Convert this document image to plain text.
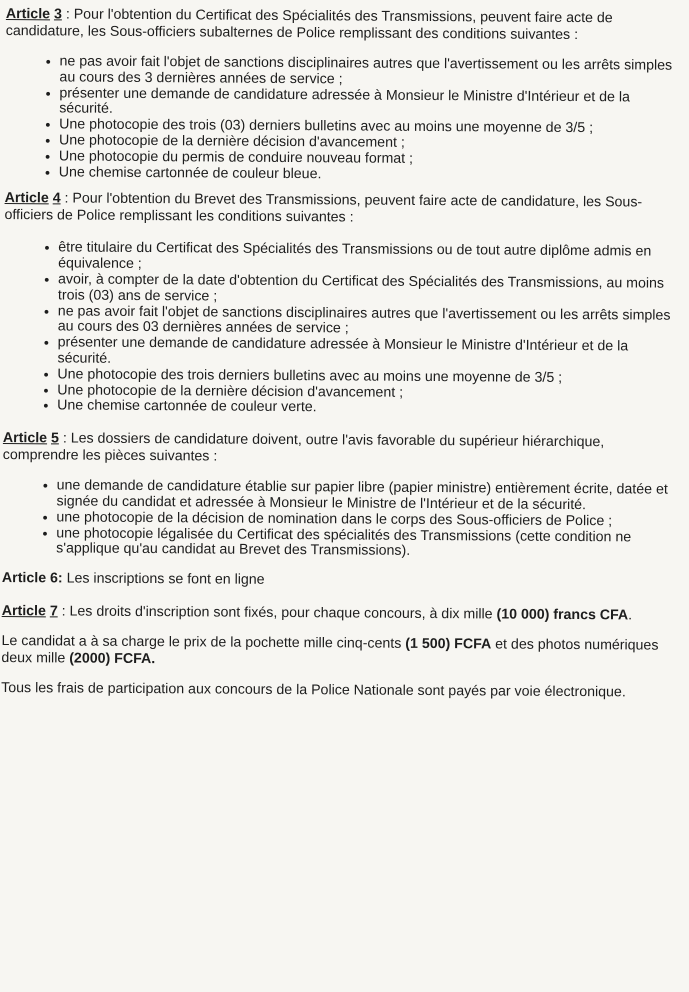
Article 3 : Pour l'obtention du Certificat des Spécialités des Transmissions, peuvent faire acte de candidature, les Sous-officiers subalternes de Police remplissant des conditions suivantes :

● ne pas avoir fait l'objet de sanctions disciplinaires autres que l'avertissement ou les arrêts simples au cours des 3 dernières années de service ;
● présenter une demande de candidature adressée à Monsieur le Ministre d'Intérieur et de la sécurité.
● Une photocopie des trois (03) derniers bulletins avec au moins une moyenne de 3/5 ;
● Une photocopie de la dernière décision d'avancement ;
● Une photocopie du permis de conduire nouveau format ;
● Une chemise cartonnée de couleur bleue.

Article 4 : Pour l'obtention du Brevet des Transmissions, peuvent faire acte de candidature, les Sous-officiers de Police remplissant les conditions suivantes :

● être titulaire du Certificat des Spécialités des Transmissions ou de tout autre diplôme admis en équivalence ;
● avoir, à compter de la date d'obtention du Certificat des Spécialités des Transmissions, au moins trois (03) ans de service ;
● ne pas avoir fait l'objet de sanctions disciplinaires autres que l'avertissement ou les arrêts simples au cours des 03 dernières années de service ;
● présenter une demande de candidature adressée à Monsieur le Ministre d'Intérieur et de la sécurité.
● Une photocopie des trois derniers bulletins avec au moins une moyenne de 3/5 ;
● Une photocopie de la dernière décision d'avancement ;
● Une chemise cartonnée de couleur verte.

Article 5 : Les dossiers de candidature doivent, outre l'avis favorable du supérieur hiérarchique, comprendre les pièces suivantes :

● une demande de candidature établie sur papier libre (papier ministre) entièrement écrite, datée et signée du candidat et adressée à Monsieur le Ministre de l'Intérieur et de la sécurité.
● une photocopie de la décision de nomination dans le corps des Sous-officiers de Police ;
● une photocopie légalisée du Certificat des spécialités des Transmissions (cette condition ne s'applique qu'au candidat au Brevet des Transmissions).

Article 6: Les inscriptions se font en ligne

Article 7 : Les droits d'inscription sont fixés, pour chaque concours, à dix mille (10 000) francs CFA.

Le candidat a à sa charge le prix de la pochette mille cinq-cents (1 500) FCFA et des photos numériques deux mille (2000) FCFA.

Tous les frais de participation aux concours de la Police Nationale sont payés par voie électronique.
